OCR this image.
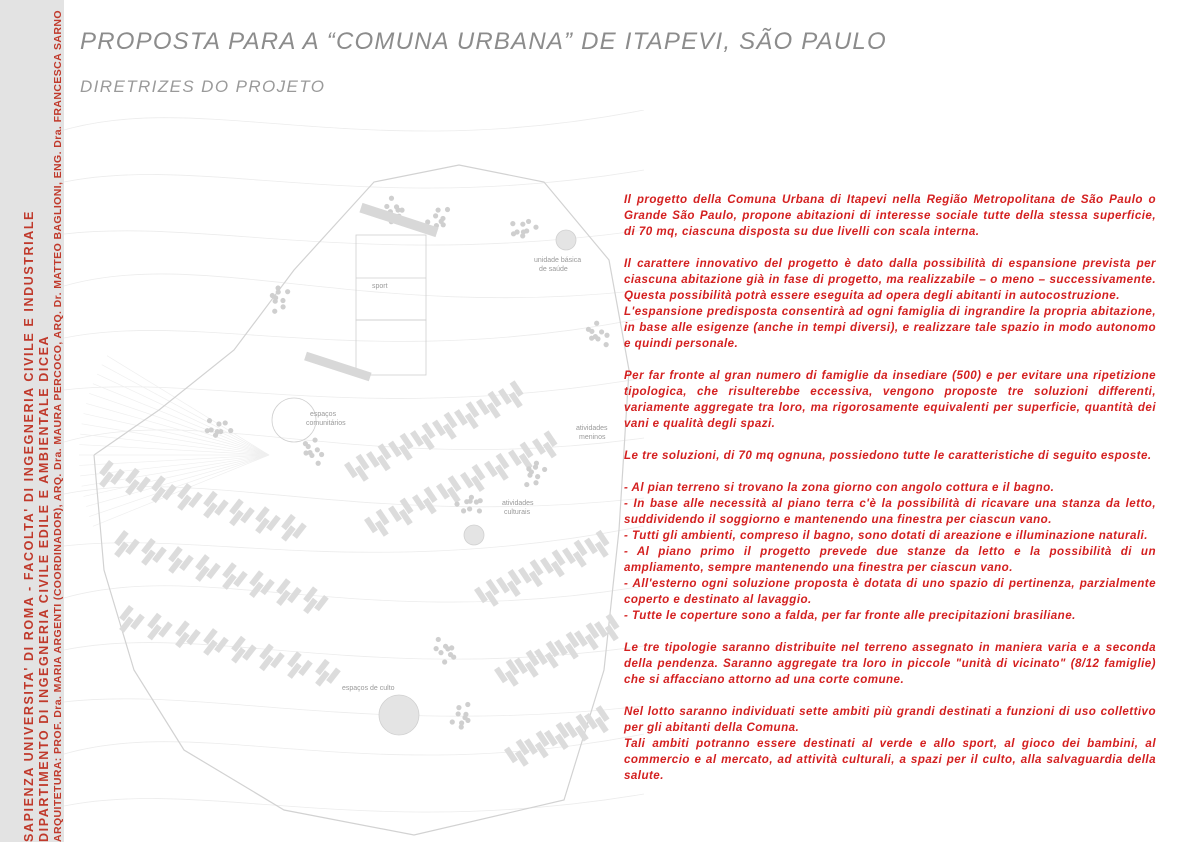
SAPIENZA UNIVERSITA' DI ROMA - FACOLTA' DI INGEGNERIA CIVILE E INDUSTRIALE DIPARTIMENTO DI INGEGNERIA CIVILE EDILE E AMBIENTALE DICEA ARQUITETURA: PROF. Dra. MARIA ARGENTI (COORDINADOR), ARQ. Dra. MAURA PERCOCO, ARQ. Dr. MATTEO BAGLIONI, ENG. Dra. FRANCESCA SARNO PROPOSTA PARA A “COMUNA URBANA” DE ITAPEVI, SÃO PAULO
DIRETRIZES DO PROJETO
unidade básica
de saúde
sport
espaços
comunitários
atividades
meninos
atividades
culturais
espaços de culto

Il progetto della Comuna Urbana di Itapevi nella Região Metropolitana de São Paulo o Grande São Paulo, propone abitazioni di interesse sociale tutte della stessa superficie, di 70 mq, ciascuna disposta su due livelli con scala interna.

Il carattere innovativo del progetto è dato dalla possibilità di espansione prevista per ciascuna abitazione già in fase di progetto, ma realizzabile – o meno – successivamente. Questa possibilità potrà essere eseguita ad opera degli abitanti in autocostruzione.

L'espansione predisposta consentirà ad ogni famiglia di ingrandire la propria abitazione, in base alle esigenze (anche in tempi diversi), e realizzare tale spazio in modo autonomo e quindi personale.

Per far fronte al gran numero di famiglie da insediare (500) e per evitare una ripetizione tipologica, che risulterebbe eccessiva, vengono proposte tre soluzioni differenti, variamente aggregate tra loro, ma rigorosamente equivalenti per superficie, quantità dei vani e qualità degli spazi.

Le tre soluzioni, di 70 mq ognuna, possiedono tutte le caratteristiche di seguito esposte.

- Al pian terreno si trovano la zona giorno con angolo cottura e il bagno.

- In base alle necessità al piano terra c'è la possibilità di ricavare una stanza da letto, suddividendo il soggiorno e mantenendo una finestra per ciascun vano.

- Tutti gli ambienti, compreso il bagno, sono dotati di areazione e illuminazione naturali.

- Al piano primo il progetto prevede due stanze da letto e la possibilità di un ampliamento, sempre mantenendo una finestra per ciascun vano.

- All'esterno ogni soluzione proposta è dotata di uno spazio di pertinenza, parzialmente coperto e destinato al lavaggio.

- Tutte le coperture sono a falda, per far fronte alle precipitazioni brasiliane.

Le tre tipologie saranno distribuite nel terreno assegnato in maniera varia e a seconda della pendenza. Saranno aggregate tra loro in piccole "unità di vicinato" (8/12 famiglie) che si affacciano attorno ad una corte comune.

Nel lotto saranno individuati sette ambiti più grandi destinati a funzioni di uso collettivo per gli abitanti della Comuna.

Tali ambiti potranno essere destinati al verde e allo sport, al gioco dei bambini, al commercio e al mercato, ad attività culturali, a spazi per il culto, alla salvaguardia della salute.
